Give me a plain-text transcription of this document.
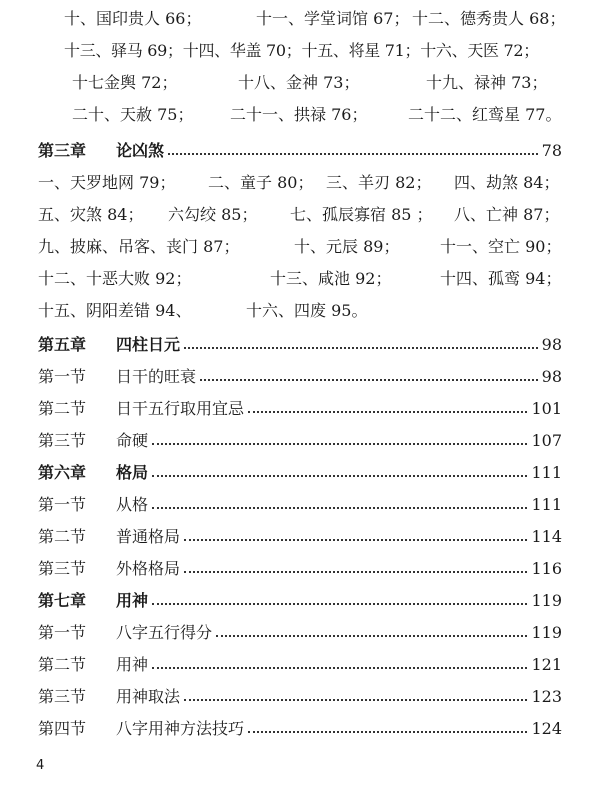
十、国印贵人 66；	十一、学堂词馆 67； 十二、德秀贵人 68；
十三、驿马 69；十四、华盖 70；十五、将星 71；十六、天医 72；
十七金舆 72；	十八、金神 73；	十九、禄神 73；
二十、天赦 75； 二十一、拱禄 76；	二十二、红鸾星 77。
第三章	论凶煞	78
一、天罗地网 79； 二、童子 80； 三、羊刃 82； 四、劫煞 84；
五、灾煞 84； 六勾绞 85； 七、孤辰寡宿 85 ； 八、亡神 87；
九、披麻、吊客、丧门 87；	十、元辰 89；	十一、空亡 90；
十二、十恶大败 92；	十三、咸池 92；	十四、孤鸾 94；
十五、阴阳差错 94、	十六、四废 95。
第五章	四柱日元	98
第一节	日干的旺衰	98
第二节	日干五行取用宜忌	101
第三节	命硬	107
第六章	格局	111
第一节	从格	111
第二节	普通格局	114
第三节	外格格局	116
第七章	用神	119
第一节	八字五行得分	119
第二节	用神	121
第三节	用神取法	123
第四节	八字用神方法技巧	124
4
